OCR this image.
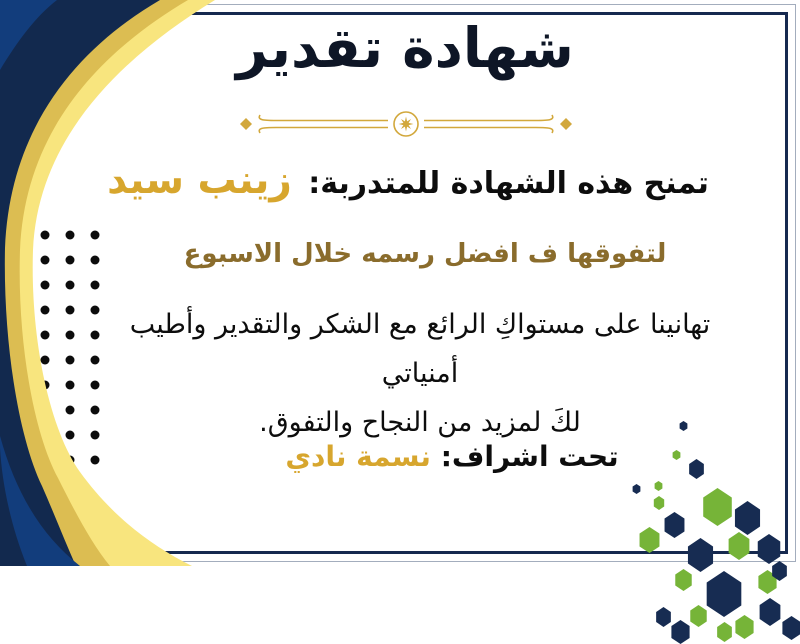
شهادة تقدير
تمنح هذه الشهادة للمتدربة: زينب سيد
لتفوقها ف افضل رسمه خلال الاسبوع
تهانينا على مستواكِ الرائع مع الشكر والتقدير وأطيب أمنياتي
لكَ لمزيد من النجاح والتفوق.
تحت اشراف: نسمة نادي
